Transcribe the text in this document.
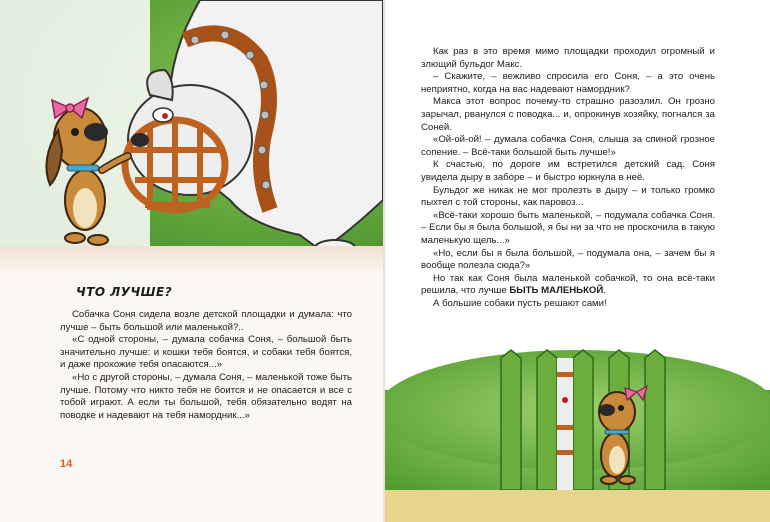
ЧТО ЛУЧШЕ?

Собачка Соня сидела возле детской площадки и думала: что лучше – быть большой или маленькой?..

«С одной стороны, – думала собачка Соня, – большой быть значительно лучше: и кошки тебя боятся, и собаки тебя боятся, и даже прохожие тебя опасаются...»

«Но с другой стороны, – думала Соня, – маленькой тоже быть лучше. Потому что никто тебя не боится и не опасается и все с тобой играют. А если ты большой, тебя обязательно водят на поводке и надевают на тебя намордник...»

14

Как раз в это время мимо площадки проходил огромный и злющий бульдог Макс.

– Скажите, – вежливо спросила его Соня, – а это очень неприятно, когда на вас надевают намордник?

Макса этот вопрос почему-то страшно разозлил. Он грозно зарычал, рванулся с поводка... и, опрокинув хозяйку, погнался за Соней.

«Ой-ой-ой! – думала собачка Соня, слыша за спиной грозное сопение. – Всё-таки большой быть лучше!»

К счастью, по дороге им встретился детский сад. Соня увидела дыру в заборе – и быстро юркнула в неё.

Бульдог же никак не мог пролезть в дыру – и только громко пыхтел с той стороны, как паровоз...

«Всё-таки хорошо быть маленькой, – подумала собачка Соня. – Если бы я была большой, я бы ни за что не проскочила в такую маленькую щель...»

«Но, если бы я была большой, – подумала она, – зачем бы я вообще полезла сюда?»

Но так как Соня была маленькой собачкой, то она всё-таки решила, что лучше БЫТЬ МАЛЕНЬКОЙ.

А большие собаки пусть решают сами!
